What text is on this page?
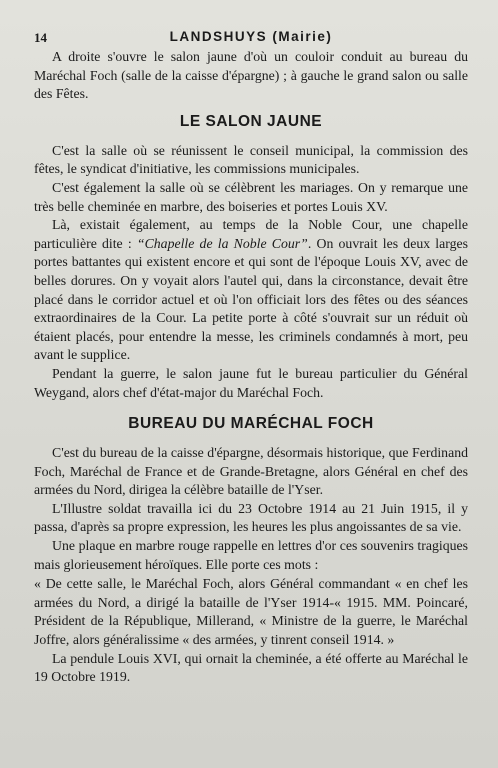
14	LANDSHUYS (Mairie)

A droite s'ouvre le salon jaune d'où un couloir conduit au bureau du Maréchal Foch (salle de la caisse d'épargne) ; à gauche le grand salon ou salle des Fêtes.

LE SALON JAUNE

C'est la salle où se réunissent le conseil municipal, la commission des fêtes, le syndicat d'initiative, les commissions municipales.

C'est également la salle où se célèbrent les mariages. On y remarque une très belle cheminée en marbre, des boiseries et portes Louis XV.

Là, existait également, au temps de la Noble Cour, une chapelle particulière dite : “Chapelle de la Noble Cour”. On ouvrait les deux larges portes battantes qui existent encore et qui sont de l'époque Louis XV, avec de belles dorures. On y voyait alors l'autel qui, dans la circonstance, devait être placé dans le corridor actuel et où l'on officiait lors des fêtes ou des séances extraordinaires de la Cour. La petite porte à côté s'ouvrait sur un réduit où étaient placés, pour entendre la messe, les criminels condamnés à mort, peu avant le supplice.

Pendant la guerre, le salon jaune fut le bureau particulier du Général Weygand, alors chef d'état-major du Maréchal Foch.

BUREAU DU MARÉCHAL FOCH

C'est du bureau de la caisse d'épargne, désormais historique, que Ferdinand Foch, Maréchal de France et de Grande-Bretagne, alors Général en chef des armées du Nord, dirigea la célèbre bataille de l'Yser.

L'Illustre soldat travailla ici du 23 Octobre 1914 au 21 Juin 1915, il y passa, d'après sa propre expression, les heures les plus angoissantes de sa vie.

Une plaque en marbre rouge rappelle en lettres d'or ces souvenirs tragiques mais glorieusement héroïques. Elle porte ces mots :

« De cette salle, le Maréchal Foch, alors Général commandant « en chef les armées du Nord, a dirigé la bataille de l'Yser 1914-« 1915. MM. Poincaré, Président de la République, Millerand, « Ministre de la guerre, le Maréchal Joffre, alors généralissime « des armées, y tinrent conseil 1914. »

La pendule Louis XVI, qui ornait la cheminée, a été offerte au Maréchal le 19 Octobre 1919.
